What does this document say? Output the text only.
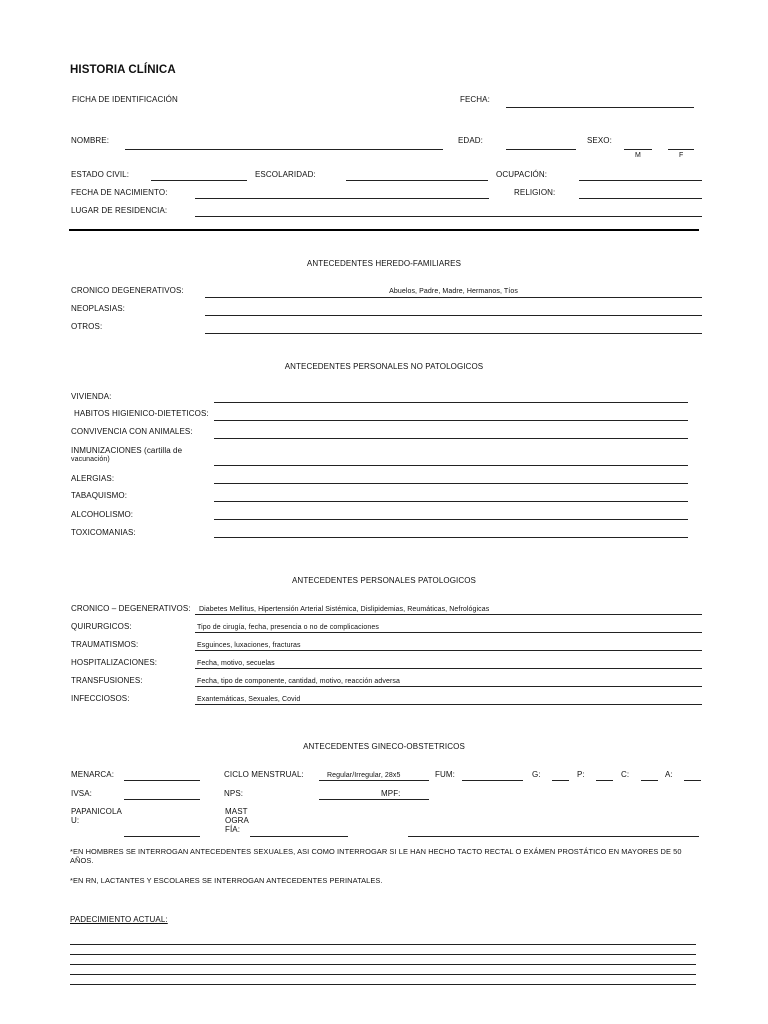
HISTORIA CLÍNICA
FICHA DE IDENTIFICACIÓN	FECHA:
NOMBRE:	EDAD:	SEXO:
M	F
ESTADO CIVIL:	ESCOLARIDAD:	OCUPACIÓN:
FECHA DE NACIMIENTO:	RELIGION:
LUGAR DE RESIDENCIA:
ANTECEDENTES HEREDO-FAMILIARES
CRONICO DEGENERATIVOS:	Abuelos, Padre, Madre, Hermanos, Tíos
NEOPLASIAS:
OTROS:
ANTECEDENTES PERSONALES NO PATOLOGICOS
VIVIENDA:
HABITOS HIGIENICO-DIETETICOS:
CONVIVENCIA CON ANIMALES:
INMUNIZACIONES (cartilla de
vacunación)
ALERGIAS:
TABAQUISMO:
ALCOHOLISMO:
TOXICOMANIAS:
ANTECEDENTES PERSONALES PATOLOGICOS
CRONICO – DEGENERATIVOS: Diabetes Mellitus, Hipertensión Arterial Sistémica, Dislipidemias, Reumáticas, Nefrológicas
QUIRURGICOS:	Tipo de cirugía, fecha, presencia o no de complicaciones
TRAUMATISMOS:	Esguinces, luxaciones, fracturas
HOSPITALIZACIONES:	Fecha, motivo, secuelas
TRANSFUSIONES:	Fecha, tipo de componente, cantidad, motivo, reacción adversa
INFECCIOSOS:	Exantemáticas, Sexuales, Covid
ANTECEDENTES GINECO-OBSTETRICOS
MENARCA:	CICLO MENSTRUAL:	Regular/Irregular, 28x5	FUM:	G:	P:	C:	A:
IVSA:	NPS:	MPF:
PAPANICOLA
U:
MAST
OGRA
FÍA:
*EN HOMBRES SE INTERROGAN ANTECEDENTES SEXUALES, ASI COMO INTERROGAR SI LE HAN HECHO TACTO RECTAL O EXÁMEN PROSTÁTICO EN MAYORES DE 50
AÑOS.
*EN RN, LACTANTES Y ESCOLARES SE INTERROGAN ANTECEDENTES PERINATALES.
PADECIMIENTO ACTUAL:
